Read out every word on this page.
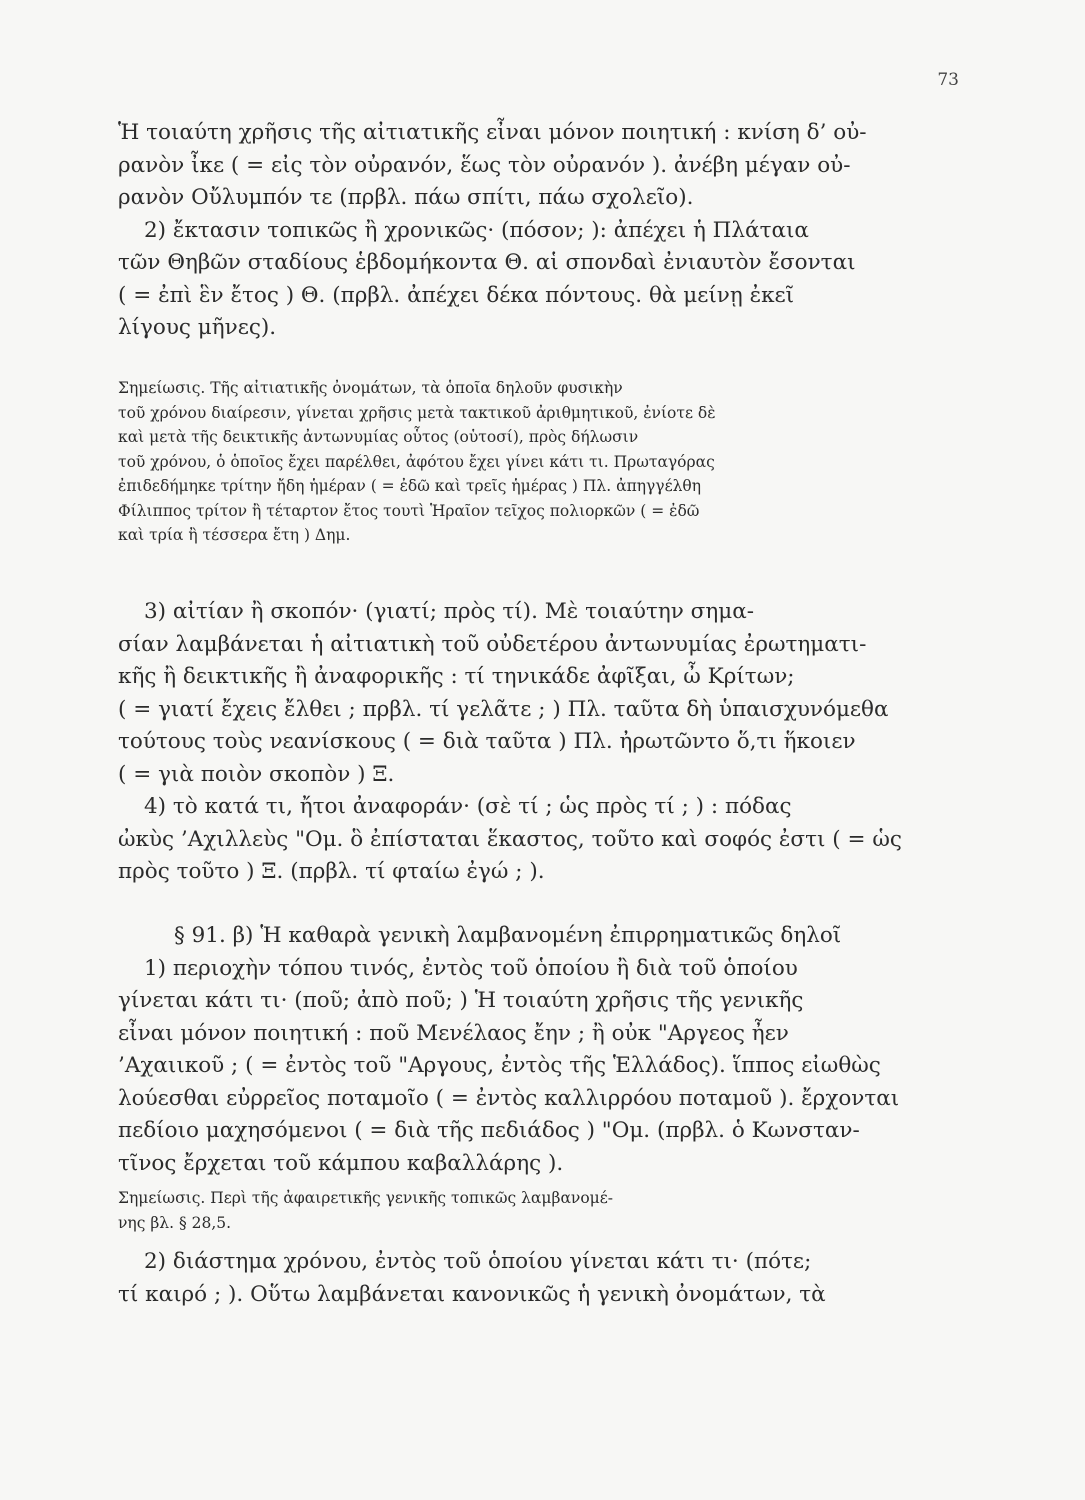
73

Ἡ τοιαύτη χρῆσις τῆς αἰτιατικῆς εἶναι μόνον ποιητική : κνίση δ’ οὐ-
ρανὸν ἶκε ( = εἰς τὸν οὐρανόν, ἕως τὸν οὐρανόν ). ἀνέβη μέγαν οὐ-
ρανὸν Οὔλυμπόν τε (πρβλ. πάω σπίτι, πάω σχολεῖο).
2) ἔκτασιν τοπικῶς ἢ χρονικῶς· (πόσον; ): ἀπέχει ἡ Πλάταια
τῶν Θηβῶν σταδίους ἑβδομήκοντα Θ. αἱ σπονδαὶ ἐνιαυτὸν ἔσονται
( = ἐπὶ ἓν ἔτος ) Θ. (πρβλ. ἀπέχει δέκα πόντους. θὰ μείνῃ ἐκεῖ
λίγους μῆνες).

Σημείωσις. Τῆς αἰτιατικῆς ὀνομάτων, τὰ ὁποῖα δηλοῦν φυσικὴν
τοῦ χρόνου διαίρεσιν, γίνεται χρῆσις μετὰ τακτικοῦ ἀριθμητικοῦ, ἐνίοτε δὲ
καὶ μετὰ τῆς δεικτικῆς ἀντωνυμίας οὗτος (οὑτοσί), πρὸς δήλωσιν
τοῦ χρόνου, ὁ ὁποῖος ἔχει παρέλθει, ἀφότου ἔχει γίνει κάτι τι. Πρωταγόρας
ἐπιδεδήμηκε τρίτην ἤδη ἡμέραν ( = ἐδῶ καὶ τρεῖς ἡμέρας ) Πλ. ἀπηγγέλθη
Φίλιππος τρίτον ἢ τέταρτον ἔτος τουτὶ Ἡραῖον τεῖχος πολιορκῶν ( = ἐδῶ
καὶ τρία ἢ τέσσερα ἔτη ) Δημ.

3) αἰτίαν ἢ σκοπόν· (γιατί; πρὸς τί). Μὲ τοιαύτην σημα-
σίαν λαμβάνεται ἡ αἰτιατικὴ τοῦ οὐδετέρου ἀντωνυμίας ἐρωτηματι-
κῆς ἢ δεικτικῆς ἢ ἀναφορικῆς : τί τηνικάδε ἀφῖξαι, ὦ Κρίτων;
( = γιατί ἔχεις ἔλθει ; πρβλ. τί γελᾶτε ; ) Πλ. ταῦτα δὴ ὑπαισχυνόμεθα
τούτους τοὺς νεανίσκους ( = διὰ ταῦτα ) Πλ. ἠρωτῶντο ὅ,τι ἥκοιεν
( = γιὰ ποιὸν σκοπὸν ) Ξ.
4) τὸ κατά τι, ἤτοι ἀναφοράν· (σὲ τί ; ὡς πρὸς τί ; ) : πόδας
ὠκὺς ’Αχιλλεὺς "Ομ. ὃ ἐπίσταται ἕκαστος, τοῦτο καὶ σοφός ἐστι ( = ὡς
πρὸς τοῦτο ) Ξ. (πρβλ. τί φταίω ἐγώ ; ).

§ 91. β) Ἡ καθαρὰ γενικὴ λαμβανομένη ἐπιρρηματικῶς δηλοῖ
1) περιοχὴν τόπου τινός, ἐντὸς τοῦ ὁποίου ἢ διὰ τοῦ ὁποίου
γίνεται κάτι τι· (ποῦ; ἀπὸ ποῦ; ) Ἡ τοιαύτη χρῆσις τῆς γενικῆς
εἶναι μόνον ποιητική : ποῦ Μενέλαος ἔην ; ἢ οὐκ "Αργεος ἦεν
’Αχαιικοῦ ; ( = ἐντὸς τοῦ "Αργους, ἐντὸς τῆς Ἑλλάδος). ἵππος εἰωθὼς
λούεσθαι εὐρρεῖος ποταμοῖο ( = ἐντὸς καλλιρρόου ποταμοῦ ). ἔρχονται
πεδίοιο μαχησόμενοι ( = διὰ τῆς πεδιάδος ) "Ομ. (πρβλ. ὁ Κωνσταν-
τῖνος ἔρχεται τοῦ κάμπου καβαλλάρης ).

Σημείωσις. Περὶ τῆς ἀφαιρετικῆς γενικῆς τοπικῶς λαμβανομέ-
νης βλ. § 28,5.

2) διάστημα χρόνου, ἐντὸς τοῦ ὁποίου γίνεται κάτι τι· (πότε;
τί καιρό ; ). Οὕτω λαμβάνεται κανονικῶς ἡ γενικὴ ὀνομάτων, τὰ
